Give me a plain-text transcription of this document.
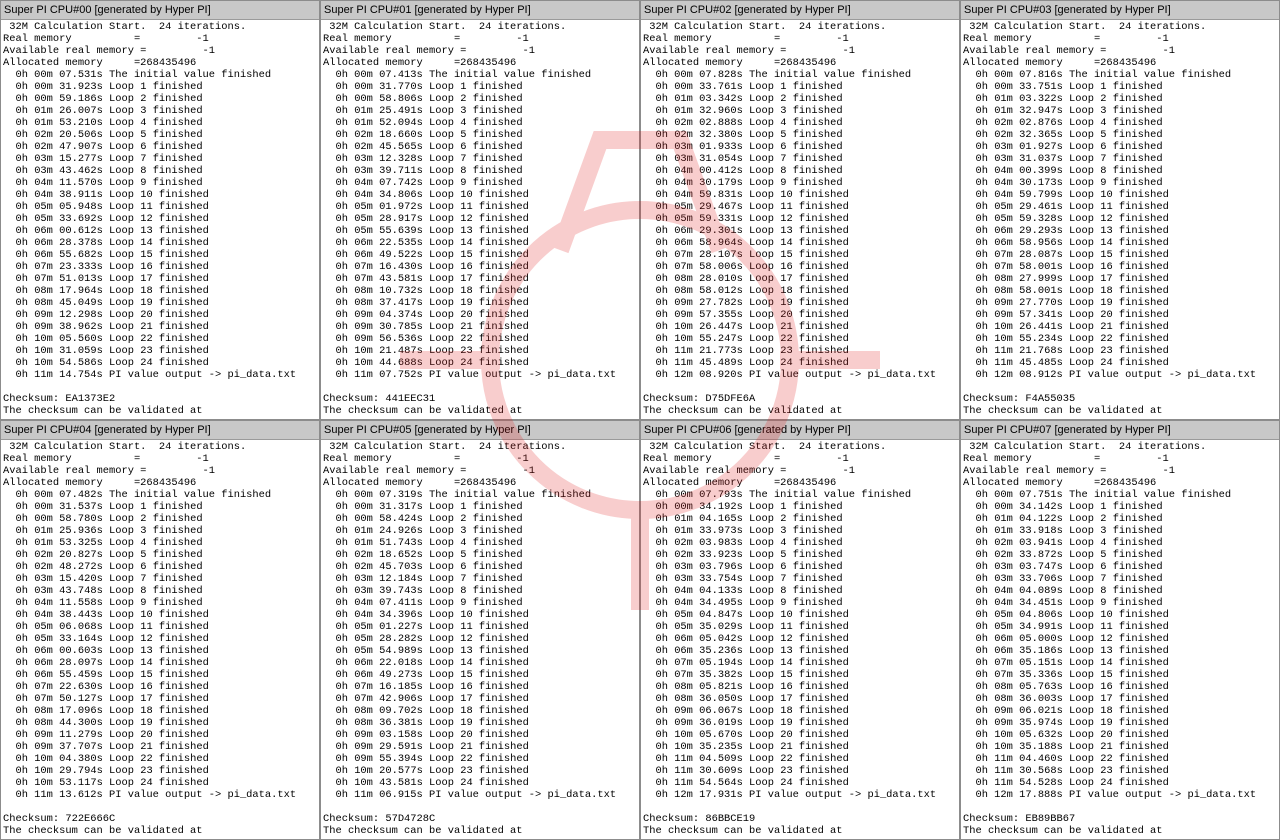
Super PI CPU#00 [generated by Hyper PI]
32M Calculation Start.  24 iterations.
Real memory          =         -1
Available real memory =         -1
Allocated memory     =268435496
0h 00m 07.531s The initial value finished
0h 00m 31.923s Loop 1 finished
0h 00m 59.186s Loop 2 finished
0h 01m 26.007s Loop 3 finished
0h 01m 53.210s Loop 4 finished
0h 02m 20.506s Loop 5 finished
0h 02m 47.907s Loop 6 finished
0h 03m 15.277s Loop 7 finished
0h 03m 43.462s Loop 8 finished
0h 04m 11.570s Loop 9 finished
0h 04m 38.911s Loop 10 finished
0h 05m 05.948s Loop 11 finished
0h 05m 33.692s Loop 12 finished
0h 06m 00.612s Loop 13 finished
0h 06m 28.378s Loop 14 finished
0h 06m 55.682s Loop 15 finished
0h 07m 23.333s Loop 16 finished
0h 07m 51.013s Loop 17 finished
0h 08m 17.964s Loop 18 finished
0h 08m 45.049s Loop 19 finished
0h 09m 12.298s Loop 20 finished
0h 09m 38.962s Loop 21 finished
0h 10m 05.560s Loop 22 finished
0h 10m 31.059s Loop 23 finished
0h 10m 54.586s Loop 24 finished
0h 11m 14.754s PI value output -> pi_data.txt

Checksum: EA1373E2
The checksum can be validated at

Super PI CPU#01 [generated by Hyper PI]
32M Calculation Start.  24 iterations.
Real memory          =         -1
Available real memory =         -1
Allocated memory     =268435496
0h 00m 07.413s The initial value finished
0h 00m 31.770s Loop 1 finished
0h 00m 58.806s Loop 2 finished
0h 01m 25.491s Loop 3 finished
0h 01m 52.094s Loop 4 finished
0h 02m 18.660s Loop 5 finished
0h 02m 45.565s Loop 6 finished
0h 03m 12.328s Loop 7 finished
0h 03m 39.711s Loop 8 finished
0h 04m 07.742s Loop 9 finished
0h 04m 34.806s Loop 10 finished
0h 05m 01.972s Loop 11 finished
0h 05m 28.917s Loop 12 finished
0h 05m 55.639s Loop 13 finished
0h 06m 22.535s Loop 14 finished
0h 06m 49.522s Loop 15 finished
0h 07m 16.430s Loop 16 finished
0h 07m 43.581s Loop 17 finished
0h 08m 10.732s Loop 18 finished
0h 08m 37.417s Loop 19 finished
0h 09m 04.374s Loop 20 finished
0h 09m 30.785s Loop 21 finished
0h 09m 56.536s Loop 22 finished
0h 10m 21.487s Loop 23 finished
0h 10m 44.688s Loop 24 finished
0h 11m 07.752s PI value output -> pi_data.txt

Checksum: 441EEC31
The checksum can be validated at

Super PI CPU#02 [generated by Hyper PI]
32M Calculation Start.  24 iterations.
Real memory          =         -1
Available real memory =         -1
Allocated memory     =268435496
0h 00m 07.828s The initial value finished
0h 00m 33.761s Loop 1 finished
0h 01m 03.342s Loop 2 finished
0h 01m 32.960s Loop 3 finished
0h 02m 02.888s Loop 4 finished
0h 02m 32.380s Loop 5 finished
0h 03m 01.933s Loop 6 finished
0h 03m 31.054s Loop 7 finished
0h 04m 00.412s Loop 8 finished
0h 04m 30.179s Loop 9 finished
0h 04m 59.831s Loop 10 finished
0h 05m 29.467s Loop 11 finished
0h 05m 59.331s Loop 12 finished
0h 06m 29.301s Loop 13 finished
0h 06m 58.964s Loop 14 finished
0h 07m 28.107s Loop 15 finished
0h 07m 58.006s Loop 16 finished
0h 08m 28.010s Loop 17 finished
0h 08m 58.012s Loop 18 finished
0h 09m 27.782s Loop 19 finished
0h 09m 57.355s Loop 20 finished
0h 10m 26.447s Loop 21 finished
0h 10m 55.247s Loop 22 finished
0h 11m 21.773s Loop 23 finished
0h 11m 45.489s Loop 24 finished
0h 12m 08.920s PI value output -> pi_data.txt

Checksum: D75DFE6A
The checksum can be validated at

Super PI CPU#03 [generated by Hyper PI]
32M Calculation Start.  24 iterations.
Real memory          =         -1
Available real memory =         -1
Allocated memory     =268435496
0h 00m 07.816s The initial value finished
0h 00m 33.751s Loop 1 finished
0h 01m 03.322s Loop 2 finished
0h 01m 32.947s Loop 3 finished
0h 02m 02.876s Loop 4 finished
0h 02m 32.365s Loop 5 finished
0h 03m 01.927s Loop 6 finished
0h 03m 31.037s Loop 7 finished
0h 04m 00.399s Loop 8 finished
0h 04m 30.173s Loop 9 finished
0h 04m 59.799s Loop 10 finished
0h 05m 29.461s Loop 11 finished
0h 05m 59.328s Loop 12 finished
0h 06m 29.293s Loop 13 finished
0h 06m 58.956s Loop 14 finished
0h 07m 28.087s Loop 15 finished
0h 07m 58.001s Loop 16 finished
0h 08m 27.999s Loop 17 finished
0h 08m 58.001s Loop 18 finished
0h 09m 27.770s Loop 19 finished
0h 09m 57.341s Loop 20 finished
0h 10m 26.441s Loop 21 finished
0h 10m 55.234s Loop 22 finished
0h 11m 21.768s Loop 23 finished
0h 11m 45.485s Loop 24 finished
0h 12m 08.912s PI value output -> pi_data.txt

Checksum: F4A55035
The checksum can be validated at

Super PI CPU#04 [generated by Hyper PI]
32M Calculation Start.  24 iterations.
Real memory          =         -1
Available real memory =         -1
Allocated memory     =268435496
0h 00m 07.482s The initial value finished
0h 00m 31.537s Loop 1 finished
0h 00m 58.780s Loop 2 finished
0h 01m 25.936s Loop 3 finished
0h 01m 53.325s Loop 4 finished
0h 02m 20.827s Loop 5 finished
0h 02m 48.272s Loop 6 finished
0h 03m 15.420s Loop 7 finished
0h 03m 43.748s Loop 8 finished
0h 04m 11.558s Loop 9 finished
0h 04m 38.443s Loop 10 finished
0h 05m 06.068s Loop 11 finished
0h 05m 33.164s Loop 12 finished
0h 06m 00.603s Loop 13 finished
0h 06m 28.097s Loop 14 finished
0h 06m 55.459s Loop 15 finished
0h 07m 22.630s Loop 16 finished
0h 07m 50.127s Loop 17 finished
0h 08m 17.096s Loop 18 finished
0h 08m 44.300s Loop 19 finished
0h 09m 11.279s Loop 20 finished
0h 09m 37.707s Loop 21 finished
0h 10m 04.380s Loop 22 finished
0h 10m 29.794s Loop 23 finished
0h 10m 53.117s Loop 24 finished
0h 11m 13.612s PI value output -> pi_data.txt

Checksum: 722E666C
The checksum can be validated at

Super PI CPU#05 [generated by Hyper PI]
32M Calculation Start.  24 iterations.
Real memory          =         -1
Available real memory =         -1
Allocated memory     =268435496
0h 00m 07.319s The initial value finished
0h 00m 31.317s Loop 1 finished
0h 00m 58.424s Loop 2 finished
0h 01m 24.926s Loop 3 finished
0h 01m 51.743s Loop 4 finished
0h 02m 18.652s Loop 5 finished
0h 02m 45.703s Loop 6 finished
0h 03m 12.184s Loop 7 finished
0h 03m 39.743s Loop 8 finished
0h 04m 07.411s Loop 9 finished
0h 04m 34.396s Loop 10 finished
0h 05m 01.227s Loop 11 finished
0h 05m 28.282s Loop 12 finished
0h 05m 54.989s Loop 13 finished
0h 06m 22.018s Loop 14 finished
0h 06m 49.273s Loop 15 finished
0h 07m 16.185s Loop 16 finished
0h 07m 42.906s Loop 17 finished
0h 08m 09.702s Loop 18 finished
0h 08m 36.381s Loop 19 finished
0h 09m 03.158s Loop 20 finished
0h 09m 29.591s Loop 21 finished
0h 09m 55.394s Loop 22 finished
0h 10m 20.577s Loop 23 finished
0h 10m 43.581s Loop 24 finished
0h 11m 06.915s PI value output -> pi_data.txt

Checksum: 57D4728C
The checksum can be validated at

Super PI CPU#06 [generated by Hyper PI]
32M Calculation Start.  24 iterations.
Real memory          =         -1
Available real memory =         -1
Allocated memory     =268435496
0h 00m 07.793s The initial value finished
0h 00m 34.192s Loop 1 finished
0h 01m 04.165s Loop 2 finished
0h 01m 33.973s Loop 3 finished
0h 02m 03.983s Loop 4 finished
0h 02m 33.923s Loop 5 finished
0h 03m 03.796s Loop 6 finished
0h 03m 33.754s Loop 7 finished
0h 04m 04.133s Loop 8 finished
0h 04m 34.495s Loop 9 finished
0h 05m 04.847s Loop 10 finished
0h 05m 35.029s Loop 11 finished
0h 06m 05.042s Loop 12 finished
0h 06m 35.236s Loop 13 finished
0h 07m 05.194s Loop 14 finished
0h 07m 35.382s Loop 15 finished
0h 08m 05.821s Loop 16 finished
0h 08m 36.050s Loop 17 finished
0h 09m 06.067s Loop 18 finished
0h 09m 36.019s Loop 19 finished
0h 10m 05.670s Loop 20 finished
0h 10m 35.235s Loop 21 finished
0h 11m 04.509s Loop 22 finished
0h 11m 30.609s Loop 23 finished
0h 11m 54.564s Loop 24 finished
0h 12m 17.931s PI value output -> pi_data.txt

Checksum: 86BBCE19
The checksum can be validated at

Super PI CPU#07 [generated by Hyper PI]
32M Calculation Start.  24 iterations.
Real memory          =         -1
Available real memory =         -1
Allocated memory     =268435496
0h 00m 07.751s The initial value finished
0h 00m 34.142s Loop 1 finished
0h 01m 04.122s Loop 2 finished
0h 01m 33.918s Loop 3 finished
0h 02m 03.941s Loop 4 finished
0h 02m 33.872s Loop 5 finished
0h 03m 03.747s Loop 6 finished
0h 03m 33.706s Loop 7 finished
0h 04m 04.089s Loop 8 finished
0h 04m 34.451s Loop 9 finished
0h 05m 04.806s Loop 10 finished
0h 05m 34.991s Loop 11 finished
0h 06m 05.000s Loop 12 finished
0h 06m 35.186s Loop 13 finished
0h 07m 05.151s Loop 14 finished
0h 07m 35.336s Loop 15 finished
0h 08m 05.763s Loop 16 finished
0h 08m 36.003s Loop 17 finished
0h 09m 06.021s Loop 18 finished
0h 09m 35.974s Loop 19 finished
0h 10m 05.632s Loop 20 finished
0h 10m 35.188s Loop 21 finished
0h 11m 04.460s Loop 22 finished
0h 11m 30.568s Loop 23 finished
0h 11m 54.528s Loop 24 finished
0h 12m 17.888s PI value output -> pi_data.txt

Checksum: EB89BB67
The checksum can be validated at
